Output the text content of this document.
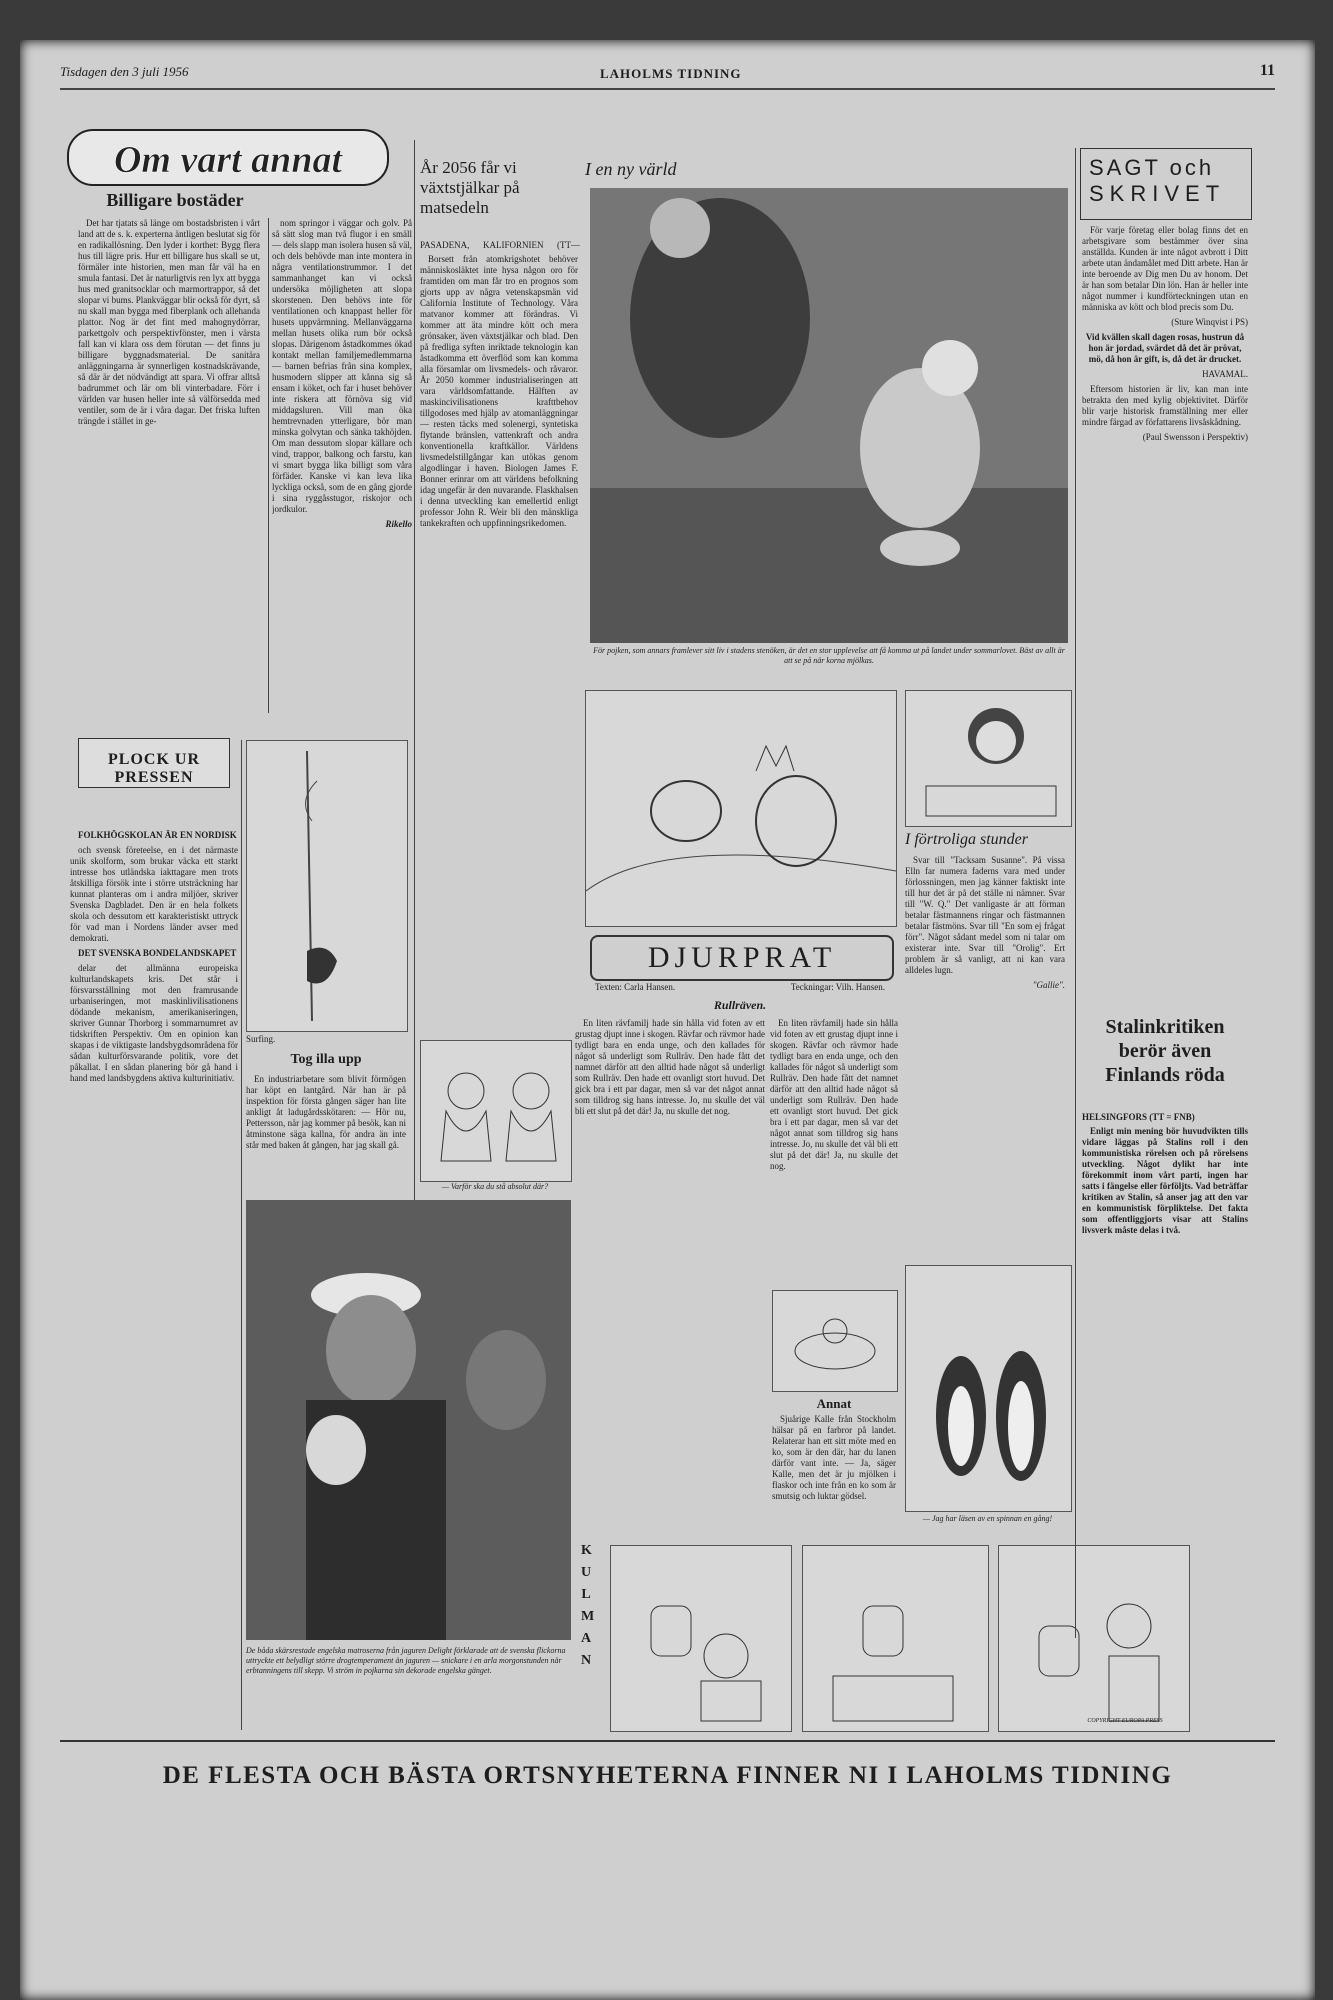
Tisdagen den 3 juli 1956	LAHOLMS TIDNING	11
Om vart annat
Billigare bostäder

Det har tjatats så länge om bostadsbristen i vårt land att de s. k. experterna äntligen beslutat sig för en radikallösning. Den lyder i korthet: Bygg flera hus till lägre pris. Hur ett billigare hus skall se ut, förmäler inte historien, men man får väl ha en smula fantasi. Det är naturligtvis ren lyx att bygga hus med granitsocklar och marmortrappor, så det slopar vi bums. Plankväggar blir också för dyrt, så nu skall man bygga med fiberplank och allehanda plattor. Nog är det fint med mahognydörrar, parkettgolv och perspektivfönster, men i värsta fall kan vi klara oss dem förutan — det finns ju billigare byggnadsmaterial. De sanitära anläggningarna är synnerligen kostnadskrävande, så där är det nödvändigt att spara. Vi offrar alltså badrummet och lär om bli vinterbadare. Förr i världen var husen heller inte så välförsedda med ventiler, som de är i våra dagar. Det friska luften trängde i stället in ge-

nom springor i väggar och golv. På så sätt slog man två flugor i en smäll — dels slapp man isolera husen så väl, och dels behövde man inte montera in några ventilationstrummor. I det sammanhanget kan vi också undersöka möjligheten att slopa skorstenen. Den behövs inte för ventilationen och knappast heller för husets uppvärmning. Mellanväggarna mellan husets olika rum bör också slopas. Därigenom åstadkommes ökad kontakt mellan familjemedlemmarna — barnen befrias från sina komplex, husmodern slipper att kånna sig så ensam i köket, och far i huset behöver inte riskera att förnöva sig vid middagsluren. Vill man öka hemtrevnaden ytterligare, bör man minska golvytan och sänka takhöjden. Om man dessutom slopar källare och vind, trappor, balkong och farstu, kan vi smart bygga lika billigt som våra förfäder. Kanske vi kan leva lika lyckliga också, som de en gång gjorde i sina ryggåsstugor, riskojor och jordkulor.

Rikello

PLOCK UR PRESSEN

FOLKHÖGSKOLAN ÄR EN NORDISK

och svensk företeelse, en i det närmaste unik skolform, som brukar väcka ett starkt intresse hos utländska iakttagare men trots åtskilliga försök inte i större utsträckning har kunnat planteras om i andra miljöer, skriver Svenska Dagbladet. Den är en hela folkets skola och dessutom ett karakteristiskt uttryck för vad man i Nordens länder avser med demokrati.

DET SVENSKA BONDELANDSKAPET

delar det allmänna europeiska kulturlandskapets kris. Det står i försvarsställning mot den framrusande urbaniseringen, mot maskinlivilisationens dödande mekanism, amerikaniseringen, skriver Gunnar Thorborg i sommarnumret av tidskriften Perspektiv. Om en opinion kan skapas i de viktigaste landsbygdsområdena för sådan kulturförsvarande politik, vore det påkallat. I en sådan planering bör gå hand i hand med landsbygdens aktiva kulturinitiativ.

Surfing.
Tog illa upp

En industriarbetare som blivit förmögen har köpt en lantgård. När han är på inspektion för första gången säger han lite ankligt åt ladugårdsskötaren: — Hör nu, Pettersson, när jag kommer på besök, kan ni åtminstone säga kallna, för andra än inte står med baken åt gången, har jag skall gå.

De båda skärsrestade engelska matroserna från jaguren Delight förklarade att de svenska flickorna uttryckte ett belydligt större drogtemperament än jaguren — snickare i en arla morgonstunden när erbtanningens till skepp. Vi ström in pojkarna sin dekorade engelska gänget.
År 2056 får vi växtstjälkar på matsedeln
PASADENA, KALIFORNIEN (TT—

Borsett från atomkrigshotet behöver människosläktet inte hysa någon oro för framtiden om man får tro en prognos som gjorts upp av några vetenskapsmän vid California Institute of Technology. Våra matvanor kommer att förändras. Vi kommer att äta mindre kött och mera grönsaker, även växtstjälkar och blad. Den på fredliga syften inriktade teknologin kan åstadkomma ett överflöd som kan komma alla församlar om livsmedels- och råvaror. År 2050 kommer industrialiseringen att vara världsomfattande. Hälften av maskincivilisationens krafttbehov tillgodoses med hjälp av atomanläggningar — resten täcks med solenergi, syntetiska flytande bränslen, vattenkraft och andra konventionella kraftkällor. Världens livsmedelstillgångar kan utökas genom algodlingar i haven. Biologen James F. Bonner erinrar om att världens befolkning idag ungefär är den nuvarande. Flaskhalsen i denna utveckling kan emellertid enligt professor John R. Weir bli den mänskliga tankekraften och uppfinningsrikedomen.

— Varför ska du stå absolut där?
I en ny värld
För pojken, som annars framlever sitt liv i stadens stenöken, är det en stor upplevelse att få komma ut på landet under sommarlovet. Bäst av allt är att se på när korna mjölkas.
DJURPRAT
Texten: Carla Hansen.	Teckningar: Vilh. Hansen.
Rullräven.

En liten rävfamilj hade sin hålla vid foten av ett grustag djupt inne i skogen. Rävfar och rävmor hade tydligt bara en enda unge, och den kallades för något så underligt som Rullräv. Den hade fått det namnet därför att den alltid hade något så underligt som Rullräv. Den hade ett ovanligt stort huvud. Det gick bra i ett par dagar, men så var det något annat som tilldrog sig hans intresse. Jo, nu skulle det väl bli ett slut på det där! Ja, nu skulle det nog.

En liten rävfamilj hade sin hålla vid foten av ett grustag djupt inne i skogen. Rävfar och rävmor hade tydligt bara en enda unge, och den kallades för något så underligt som Rullräv. Den hade fått det namnet därför att den alltid hade något så underligt som Rullräv. Den hade ett ovanligt stort huvud. Det gick bra i ett par dagar, men så var det något annat som tilldrog sig hans intresse. Jo, nu skulle det väl bli ett slut på det där! Ja, nu skulle det nog.

Annat

Sjuårige Kalle från Stockholm hälsar på en farbror på landet. Relaterar han ett sitt möte med en ko, som är den där, har du lanen därför vant inte. — Ja, säger Kalle, men det är ju mjölken i flaskor och inte från en ko som är smutsig och luktar gödsel.

I förtroliga stunder

Svar till "Tacksam Susanne". På vissa Elln far numera faderns vara med under förlossningen, men jag känner faktiskt inte till hur det är på det ställe ni nämner. Svar till "W. Q." Det vanligaste är att förman betalar fästmannens ringar och fästmannen betalar fästmöns. Svar till "En som ej frågat förr". Något sådant medel som ni talar om existerar inte. Svar till "Orolig". Ert problem är så vanligt, att ni kan vara alldeles lugn.

"Gallie".

— Jag har läsen av en spinnan en gång!
KULMAN
COPYRIGHT EUROPA PRESS
SAGT och
SKRIVET

För varje företag eller bolag finns det en arbetsgivare som bestämmer över sina anställda. Kunden är inte något avbrott i Ditt arbete utan ändamålet med Ditt arbete. Han är inte beroende av Dig men Du av honom. Det är han som betalar Din lön. Han är heller inte något nummer i kundförteckningen utan en människa av kött och blod precis som Du.

(Sture Winqvist i PS)

Vid kvällen skall dagen rosas, hustrun då hon är jordad, svärdet då det är prövat, mö, då hon är gift, is, då det är drucket.

HAVAMAL.

Eftersom historien är liv, kan man inte betrakta den med kylig objektivitet. Därför blir varje historisk framställning mer eller mindre färgad av författarens livsåskådning.

(Paul Swensson i Perspektiv)

Stalinkritiken berör även Finlands röda
HELSINGFORS (TT = FNB)

Enligt min mening bör huvudvikten tills vidare läggas på Stalins roll i den kommunistiska rörelsen och på rörelsens utveckling. Något dylikt har inte förekommit inom vårt parti, ingen har satts i fängelse eller förföljts. Vad beträffar kritiken av Stalin, så anser jag att den var en kommunistisk förpliktelse. Det fakta som offentliggjorts visar att Stalins livsverk måste delas i två.

DE FLESTA OCH BÄSTA ORTSNYHETERNA FINNER NI I LAHOLMS TIDNING
